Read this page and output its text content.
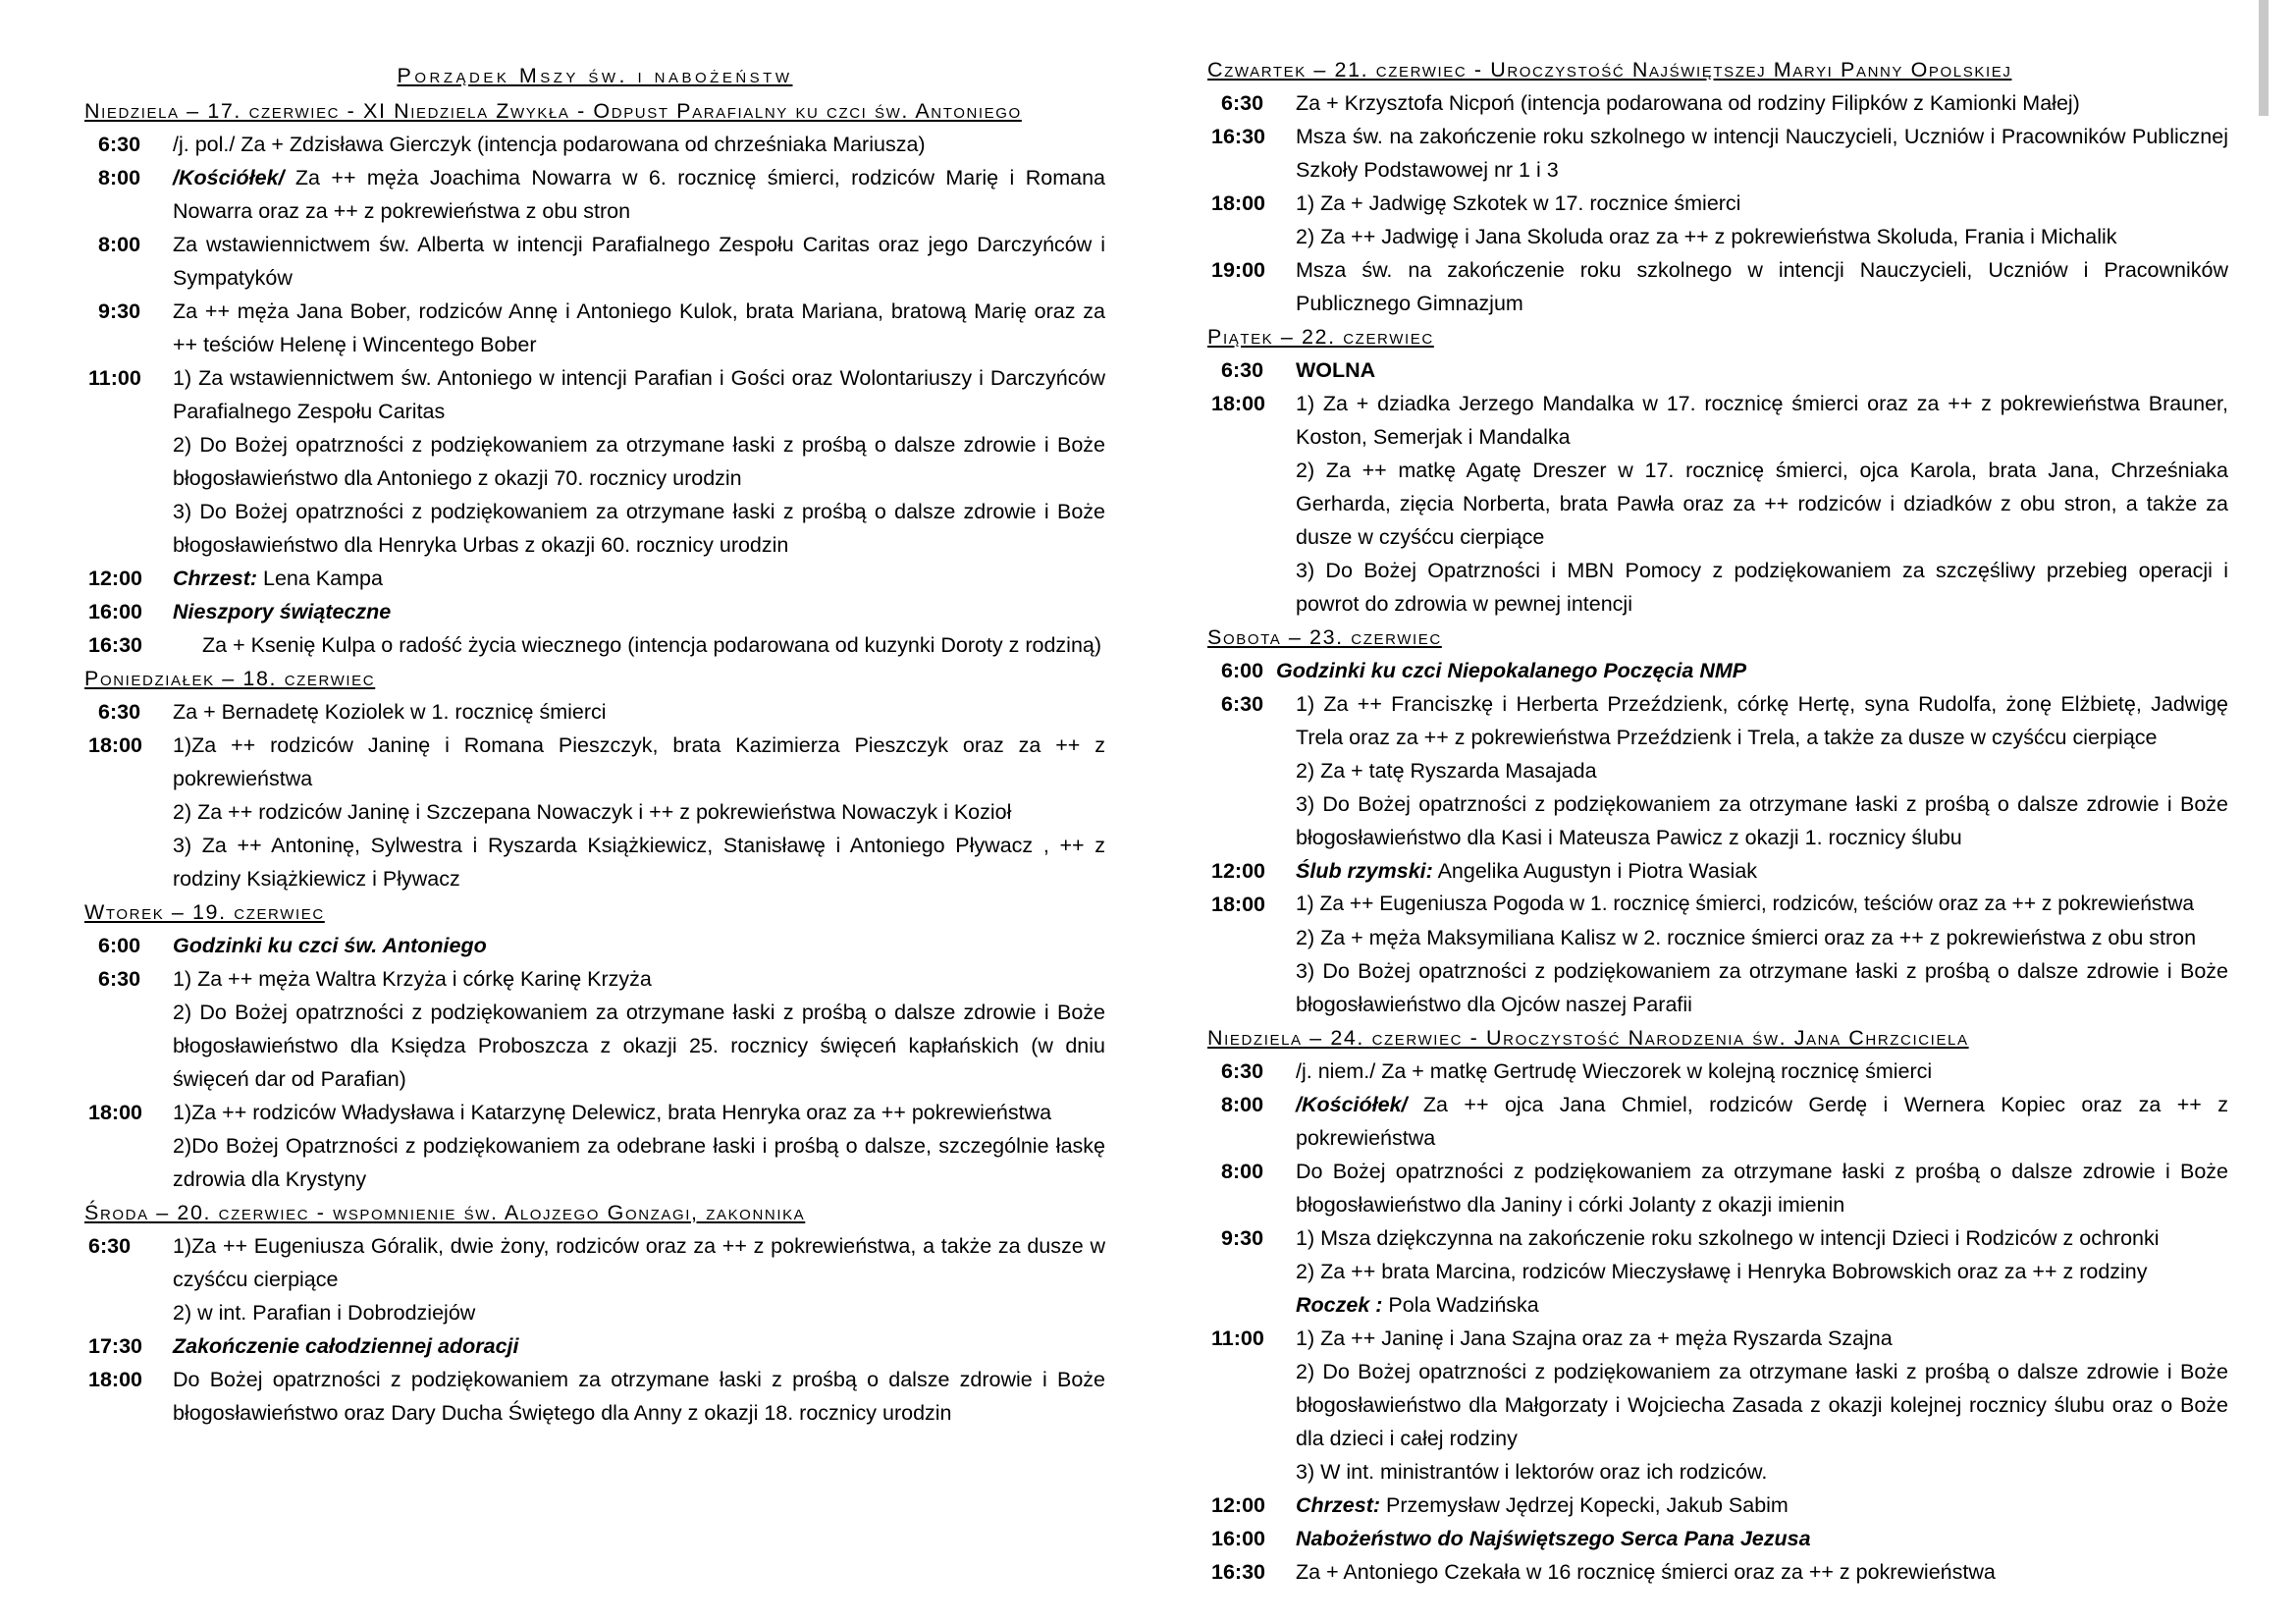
Porządek Mszy św. i nabożeństw
Niedziela – 17. czerwiec - XI Niedziela Zwykła - Odpust Parafialny ku czci św. Antoniego
6:30	/j. pol./ Za + Zdzisława Gierczyk (intencja podarowana od chrześniaka Mariusza)

8:00	/Kościółek/ Za ++ męża Joachima Nowarra w 6. rocznicę śmierci, rodziców Marię i Romana Nowarra oraz za ++ z pokrewieństwa z obu stron

8:00	Za wstawiennictwem św. Alberta w intencji Parafialnego Zespołu Caritas oraz jego Darczyńców i Sympatyków

9:30	Za ++ męża Jana Bober, rodziców Annę i Antoniego Kulok, brata Mariana, bratową Marię oraz za ++ teściów Helenę i Wincentego Bober

11:00	1) Za wstawiennictwem św. Antoniego w intencji Parafian i Gości oraz Wolontariuszy i Darczyńców Parafialnego Zespołu Caritas

2) Do Bożej opatrzności z podziękowaniem za otrzymane łaski z prośbą o dalsze zdrowie i Boże błogosławieństwo dla Antoniego z okazji 70. rocznicy urodzin

3) Do Bożej opatrzności z podziękowaniem za otrzymane łaski z prośbą o dalsze zdrowie i Boże błogosławieństwo dla Henryka Urbas z okazji 60. rocznicy urodzin

12:00	Chrzest: Lena Kampa

16:00	Nieszpory świąteczne

16:30	Za + Ksenię Kulpa o radość życia wiecznego (intencja podarowana od kuzynki Doroty z rodziną)

Poniedziałek – 18. czerwiec
6:30	Za + Bernadetę Koziolek w 1. rocznicę śmierci

18:00	1)Za ++ rodziców Janinę i Romana Pieszczyk, brata Kazimierza Pieszczyk oraz za ++ z pokrewieństwa

2) Za ++ rodziców Janinę i Szczepana Nowaczyk i ++ z pokrewieństwa Nowaczyk i Kozioł

3) Za ++ Antoninę, Sylwestra i Ryszarda Książkiewicz, Stanisławę i Antoniego Pływacz , ++ z rodziny Książkiewicz i Pływacz

Wtorek – 19. czerwiec
6:00	Godzinki ku czci św. Antoniego

6:30	1) Za ++ męża Waltra Krzyża i córkę Karinę Krzyża

2) Do Bożej opatrzności z podziękowaniem za otrzymane łaski z prośbą o dalsze zdrowie i Boże błogosławieństwo dla Księdza Proboszcza z okazji 25. rocznicy święceń kapłańskich (w dniu święceń dar od Parafian)

18:00	1)Za ++ rodziców Władysława i Katarzynę Delewicz, brata Henryka oraz za ++ pokrewieństwa

2)Do Bożej Opatrzności z podziękowaniem za odebrane łaski i prośbą o dalsze, szczególnie łaskę zdrowia dla Krystyny

Środa – 20. czerwiec - wspomnienie św. Alojzego Gonzagi, zakonnika
6:30	1)Za ++ Eugeniusza Góralik, dwie żony, rodziców oraz za ++ z pokrewieństwa, a także za dusze w czyśćcu cierpiące

2) w int. Parafian i Dobrodziejów

17:30	Zakończenie całodziennej adoracji

18:00	Do Bożej opatrzności z podziękowaniem za otrzymane łaski z prośbą o dalsze zdrowie i Boże błogosławieństwo oraz Dary Ducha Świętego dla Anny z okazji 18. rocznicy urodzin

Czwartek – 21. czerwiec - Uroczystość Najświętszej Maryi Panny Opolskiej
6:30	Za + Krzysztofa Nicpoń (intencja podarowana od rodziny Filipków z Kamionki Małej)

16:30	Msza św. na zakończenie roku szkolnego w intencji Nauczycieli, Uczniów i Pracowników Publicznej Szkoły Podstawowej nr 1 i 3

18:00	1) Za + Jadwigę Szkotek w 17. rocznice śmierci

2) Za ++ Jadwigę i Jana Skoluda oraz za ++ z pokrewieństwa Skoluda, Frania i Michalik

19:00	Msza św. na zakończenie roku szkolnego w intencji Nauczycieli, Uczniów i Pracowników Publicznego Gimnazjum

Piątek – 22. czerwiec
6:30	WOLNA

18:00	1) Za + dziadka Jerzego Mandalka w 17. rocznicę śmierci oraz za ++ z pokrewieństwa Brauner, Koston, Semerjak i Mandalka

2) Za ++ matkę Agatę Dreszer w 17. rocznicę śmierci, ojca Karola, brata Jana, Chrześniaka Gerharda, zięcia Norberta, brata Pawła oraz za ++ rodziców i dziadków z obu stron, a także za dusze w czyśćcu cierpiące

3) Do Bożej Opatrzności i MBN Pomocy z podziękowaniem za szczęśliwy przebieg operacji i powrot do zdrowia w pewnej intencji

Sobota – 23. czerwiec
6:00 Godzinki ku czci Niepokalanego Poczęcia NMP

6:30	1) Za ++ Franciszkę i Herberta Przeździenk, córkę Hertę, syna Rudolfa, żonę Elżbietę, Jadwigę Trela oraz za ++ z pokrewieństwa Przeździenk i Trela, a także za dusze w czyśćcu cierpiące

2) Za + tatę Ryszarda Masajada

3) Do Bożej opatrzności z podziękowaniem za otrzymane łaski z prośbą o dalsze zdrowie i Boże błogosławieństwo dla Kasi i Mateusza Pawicz z okazji 1. rocznicy ślubu

12:00	Ślub rzymski: Angelika Augustyn i Piotra Wasiak

18:00	1) Za ++ Eugeniusza Pogoda w 1. rocznicę śmierci, rodziców, teściów oraz za ++ z pokrewieństwa

2) Za + męża Maksymiliana Kalisz w 2. rocznice śmierci oraz za ++ z pokrewieństwa z obu stron

3) Do Bożej opatrzności z podziękowaniem za otrzymane łaski z prośbą o dalsze zdrowie i Boże błogosławieństwo dla Ojców naszej Parafii

Niedziela – 24. czerwiec - Uroczystość Narodzenia św. Jana Chrzciciela
6:30	/j. niem./ Za + matkę Gertrudę Wieczorek w kolejną rocznicę śmierci

8:00	/Kościółek/ Za ++ ojca Jana Chmiel, rodziców Gerdę i Wernera Kopiec oraz za ++ z pokrewieństwa

8:00	Do Bożej opatrzności z podziękowaniem za otrzymane łaski z prośbą o dalsze zdrowie i Boże błogosławieństwo dla Janiny i córki Jolanty z okazji imienin

9:30	1) Msza dziękczynna na zakończenie roku szkolnego w intencji Dzieci i Rodziców z ochronki

2) Za ++ brata Marcina, rodziców Mieczysławę i Henryka Bobrowskich oraz za ++ z rodziny

Roczek : Pola Wadzińska

11:00	1) Za ++ Janinę i Jana Szajna oraz za + męża Ryszarda Szajna

2) Do Bożej opatrzności z podziękowaniem za otrzymane łaski z prośbą o dalsze zdrowie i Boże błogosławieństwo dla Małgorzaty i Wojciecha Zasada z okazji kolejnej rocznicy ślubu oraz o Boże dla dzieci i całej rodziny

3) W int. ministrantów i lektorów oraz ich rodziców.

12:00	Chrzest: Przemysław Jędrzej Kopecki, Jakub Sabim

16:00	Nabożeństwo do Najświętszego Serca Pana Jezusa

16:30	Za + Antoniego Czekała w 16 rocznicę śmierci oraz za ++ z pokrewieństwa
